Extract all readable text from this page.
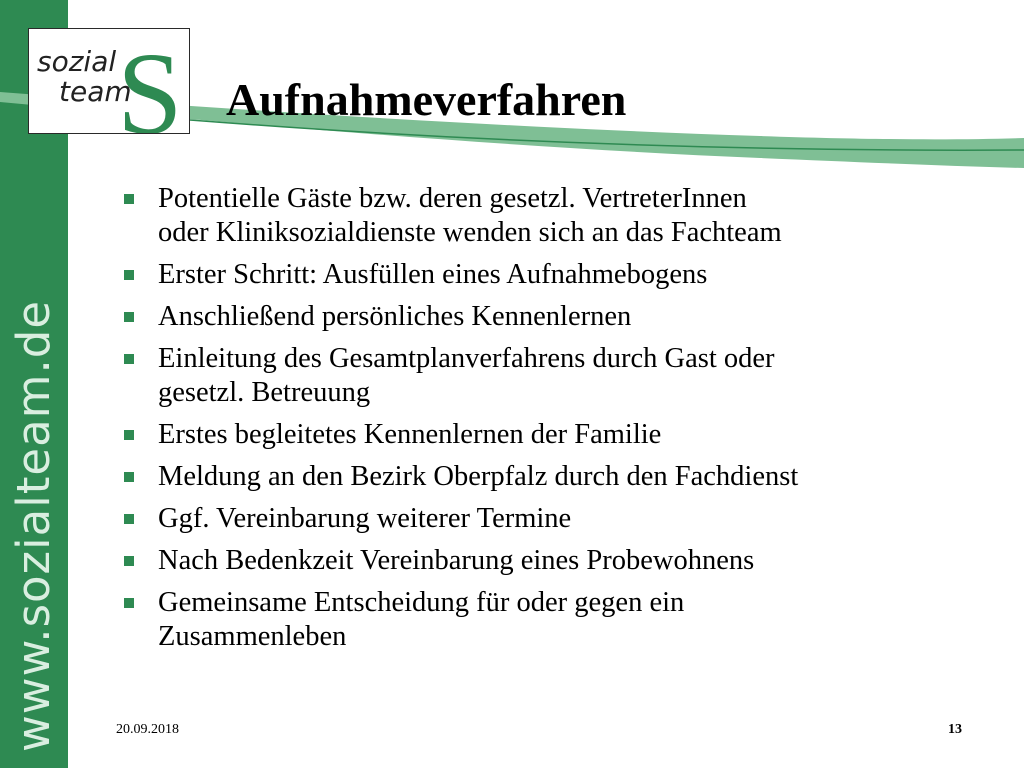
www.sozialteam.de
S
sozial
team Aufnahmeverfahren
Potentielle Gäste bzw. deren gesetzl. VertreterInnen
oder Kliniksozialdienste wenden sich an das Fachteam
Erster Schritt: Ausfüllen eines Aufnahmebogens
Anschließend persönliches Kennenlernen
Einleitung des Gesamtplanverfahrens durch Gast oder
gesetzl. Betreuung
Erstes begleitetes Kennenlernen der Familie
Meldung an den Bezirk Oberpfalz durch den Fachdienst
Ggf. Vereinbarung weiterer Termine
Nach Bedenkzeit Vereinbarung eines Probewohnens
Gemeinsame Entscheidung für oder gegen ein
Zusammenleben
20.09.2018	13
